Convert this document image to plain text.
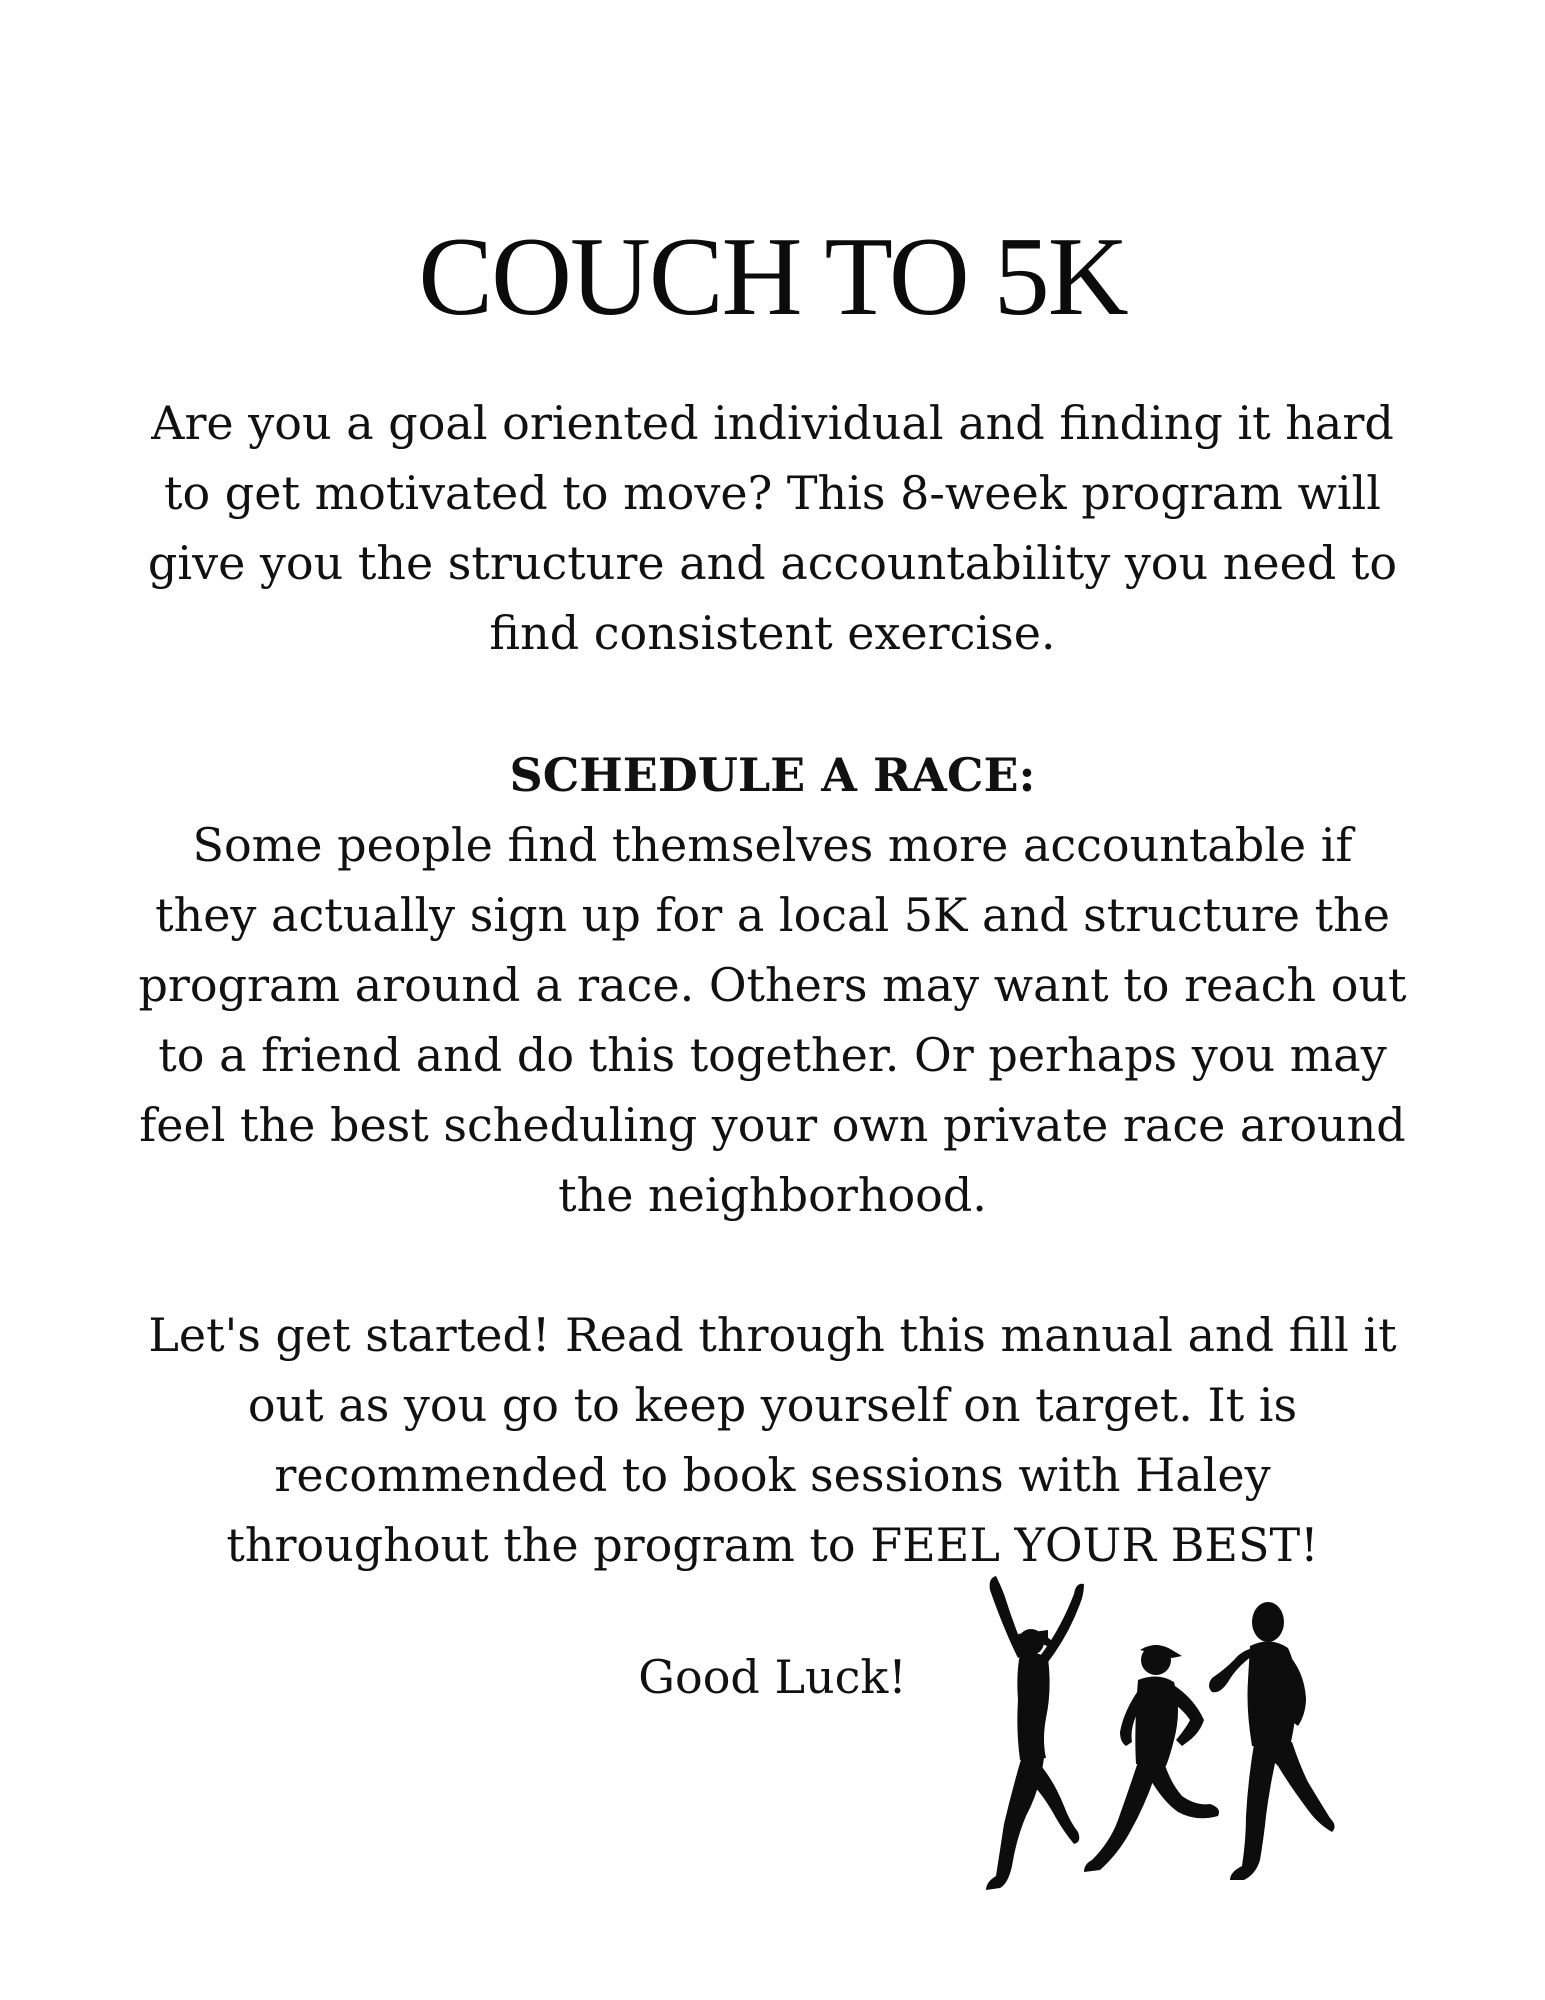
COUCH TO 5K

Are you a goal oriented individual and finding it hard
to get motivated to move? This 8-week program will
give you the structure and accountability you need to
find consistent exercise.

SCHEDULE A RACE:

Some people find themselves more accountable if
they actually sign up for a local 5K and structure the
program around a race. Others may want to reach out
to a friend and do this together. Or perhaps you may
feel the best scheduling your own private race around
the neighborhood.

Let's get started! Read through this manual and fill it
out as you go to keep yourself on target. It is
recommended to book sessions with Haley
throughout the program to FEEL YOUR BEST!

Good Luck!
